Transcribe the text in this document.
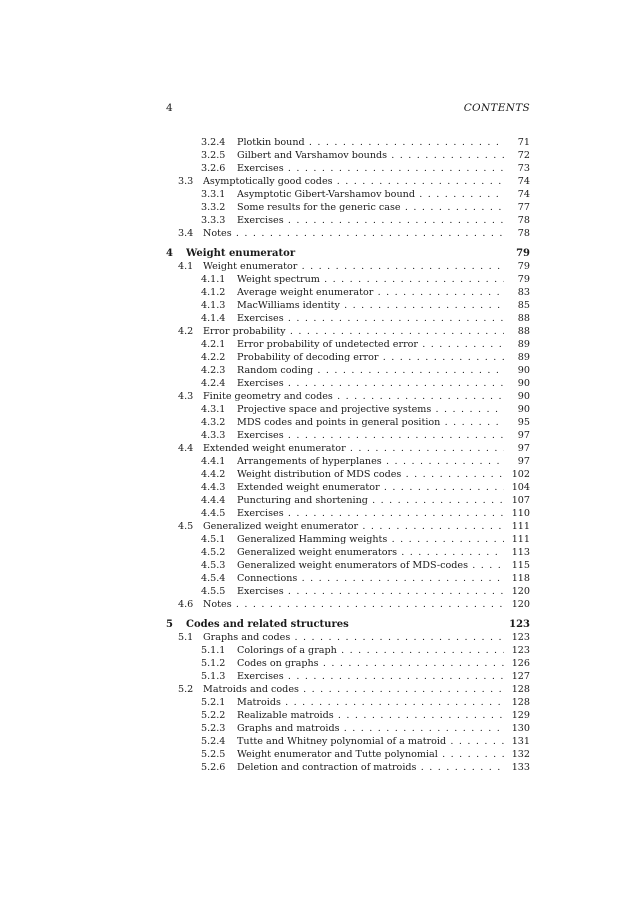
4	CONTENTS
3.2.4 Plotkin bound . . .	71
3.2.5 Gilbert and Varshamov bounds . . .	72
3.2.6 Exercises . . .	73
3.3 Asymptotically good codes . . .	74
3.3.1 Asymptotic Gibert-Varshamov bound . . .	74
3.3.2 Some results for the generic case . . .	77
3.3.3 Exercises . . .	78
3.4 Notes . . .	78
4 Weight enumerator	79
4.1 Weight enumerator . . .	79
4.1.1 Weight spectrum . . .	79
4.1.2 Average weight enumerator . . .	83
4.1.3 MacWilliams identity . . .	85
4.1.4 Exercises . . .	88
4.2 Error probability . . .	88
4.2.1 Error probability of undetected error . . .	89
4.2.2 Probability of decoding error . . .	89
4.2.3 Random coding . . .	90
4.2.4 Exercises . . .	90
4.3 Finite geometry and codes . . .	90
4.3.1 Projective space and projective systems . . .	90
4.3.2 MDS codes and points in general position . . .	95
4.3.3 Exercises . . .	97
4.4 Extended weight enumerator . . .	97
4.4.1 Arrangements of hyperplanes . . .	97
4.4.2 Weight distribution of MDS codes . . .	102
4.4.3 Extended weight enumerator . . .	104
4.4.4 Puncturing and shortening . . .	107
4.4.5 Exercises . . .	110
4.5 Generalized weight enumerator . . .	111
4.5.1 Generalized Hamming weights . . .	111
4.5.2 Generalized weight enumerators . . .	113
4.5.3 Generalized weight enumerators of MDS-codes . . .	115
4.5.4 Connections . . .	118
4.5.5 Exercises . . .	120
4.6 Notes . . .	120
5 Codes and related structures	123
5.1 Graphs and codes . . .	123
5.1.1 Colorings of a graph . . .	123
5.1.2 Codes on graphs . . .	126
5.1.3 Exercises . . .	127
5.2 Matroids and codes . . .	128
5.2.1 Matroids . . .	128
5.2.2 Realizable matroids . . .	129
5.2.3 Graphs and matroids . . .	130
5.2.4 Tutte and Whitney polynomial of a matroid . . .	131
5.2.5 Weight enumerator and Tutte polynomial . . .	132
5.2.6 Deletion and contraction of matroids . . .	133
